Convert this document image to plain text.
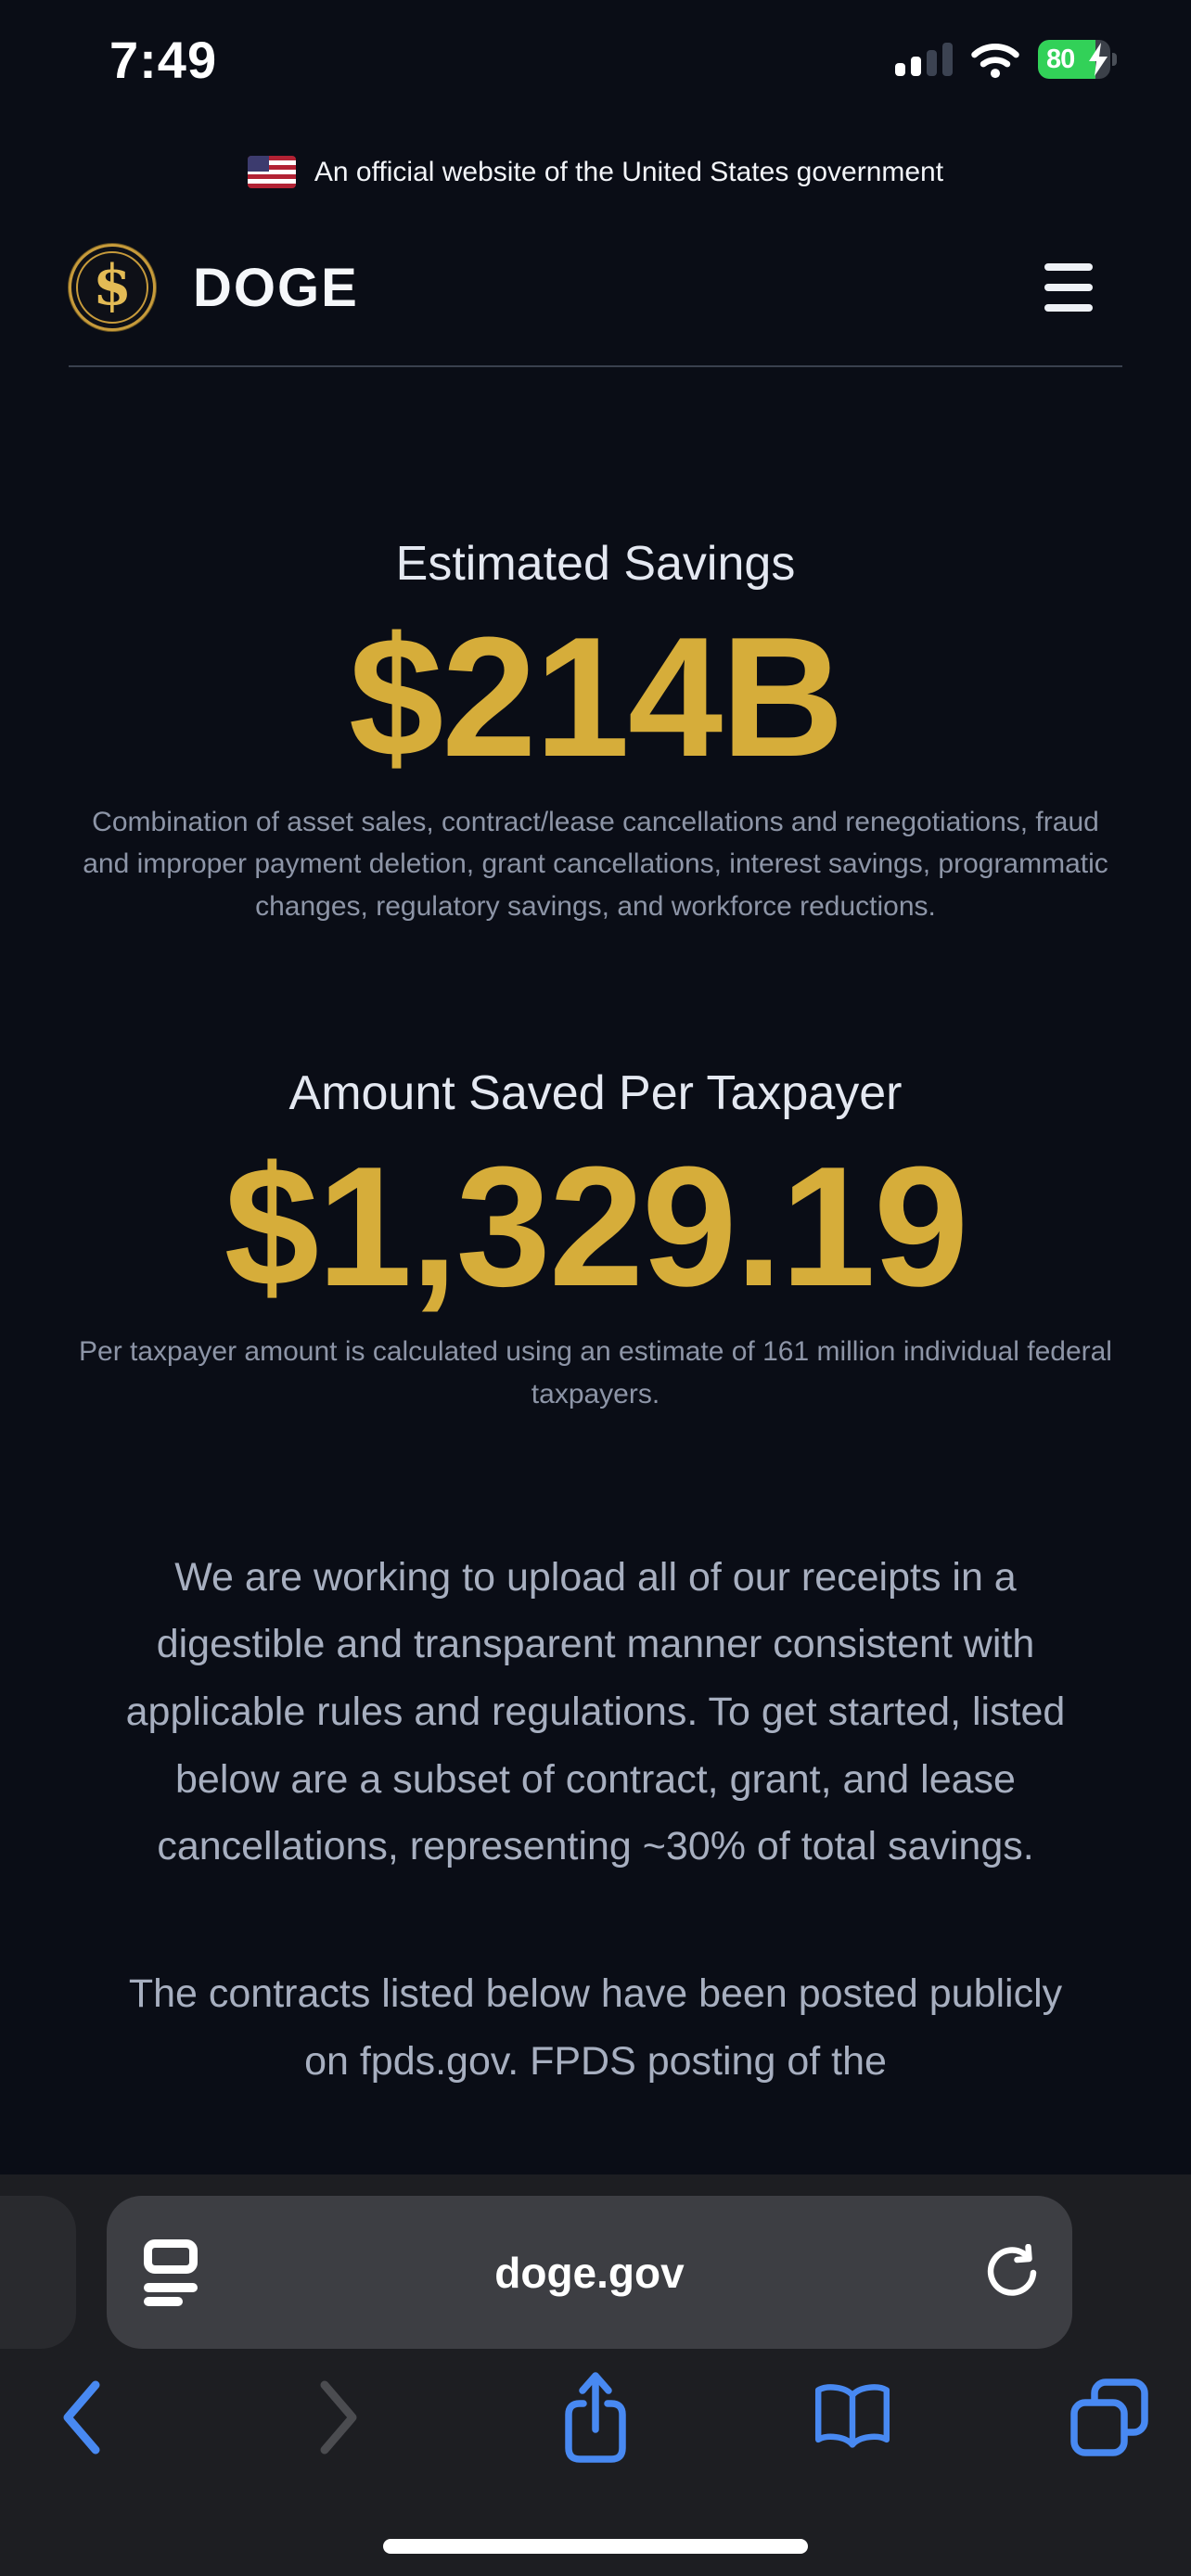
7:49	80
An official website of the United States government
$ DOGE
Estimated Savings
$214B
Combination of asset sales, contract/lease cancellations and renegotiations, fraud and improper payment deletion, grant cancellations, interest savings, programmatic changes, regulatory savings, and workforce reductions.
Amount Saved Per Taxpayer
$1,329.19
Per taxpayer amount is calculated using an estimate of 161 million individual federal taxpayers.
We are working to upload all of our receipts in a digestible and transparent manner consistent with applicable rules and regulations. To get started, listed below are a subset of contract, grant, and lease cancellations, representing ~30% of total savings.
The contracts listed below have been posted publicly on fpds.gov. FPDS posting of the
doge.gov
